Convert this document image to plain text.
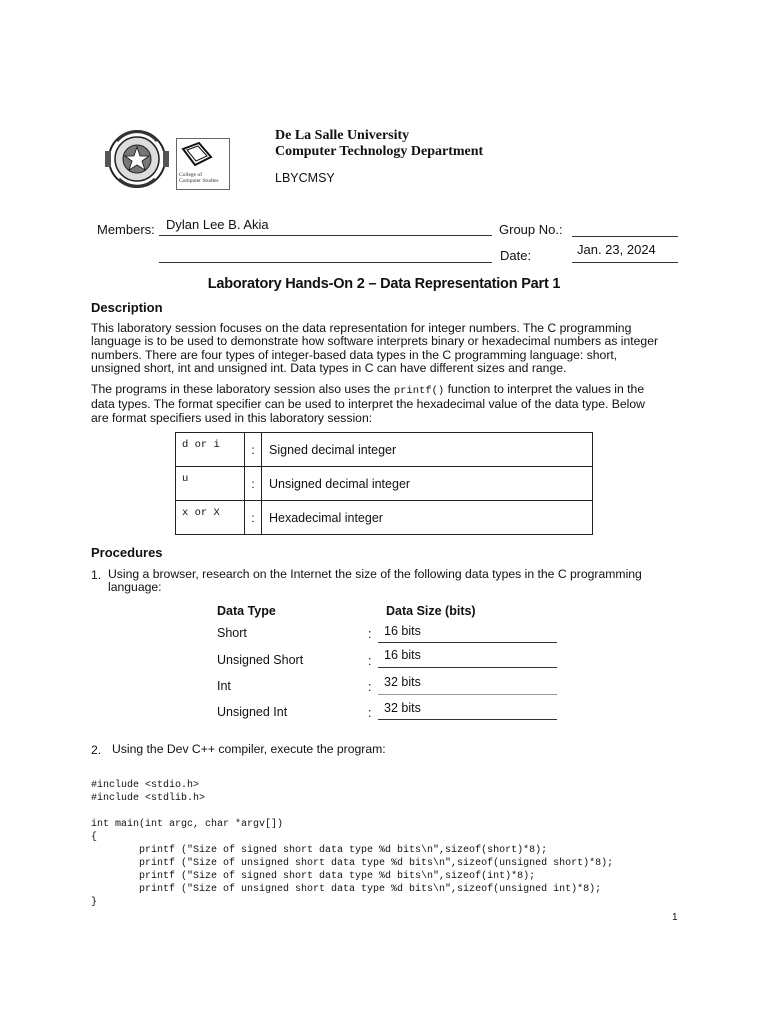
College of
Computer Studies
De La Salle University
Computer Technology Department
LBYCMSY
Members: Dylan Lee B. Akia	Group No.:
Date:	Jan. 23, 2024
Laboratory Hands-On 2 – Data Representation Part 1
Description
This laboratory session focuses on the data representation for integer numbers. The C programming
language is to be used to demonstrate how software interprets binary or hexadecimal numbers as integer
numbers. There are four types of integer-based data types in the C programming language: short,
unsigned short, int and unsigned int. Data types in C can have different sizes and range.
The programs in these laboratory session also uses the printf() function to interpret the values in the
data types. The format specifier can be used to interpret the hexadecimal value of the data type. Below
are format specifiers used in this laboratory session:
d or i	:	Signed decimal integer
u	:	Unsigned decimal integer
x or X	:	Hexadecimal integer
Procedures
1. Using a browser, research on the Internet the size of the following data types in the C programming
language:
Data Type	Data Size (bits)
Short	: 16 bits
Unsigned Short	: 16 bits
Int	: 32 bits
Unsigned Int	: 32 bits
2. Using the Dev C++ compiler, execute the program:

#include <stdio.h>
#include <stdlib.h>
int main(int argc, char *argv[])
{
printf ("Size of signed short data type %d bits\n",sizeof(short)*8);
printf ("Size of unsigned short data type %d bits\n",sizeof(unsigned short)*8);
printf ("Size of signed short data type %d bits\n",sizeof(int)*8);
printf ("Size of unsigned short data type %d bits\n",sizeof(unsigned int)*8);
}

1
